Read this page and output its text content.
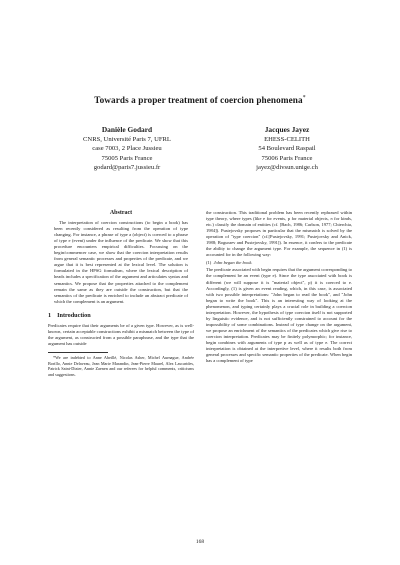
Towards a proper treatment of coercion phenomena*
Danièle Godard
CNRS, Université Paris 7, UFRL
case 7003, 2 Place Jussieu
75005 Paris France
godard@paris7.jussieu.fr
Jacques Jayez
EHESS-CELITH
54 Boulevard Raspail
75006 Paris France
jayez@divsun.unige.ch
Abstract

The interpretation of coercion constructions (to begin a book) has been recently considered as resulting from the operation of type changing. For instance, a phrase of type a (object) is coerced to a phrase of type e (event) under the influence of the predicate. We show that this procedure encounters empirical difficulties. Focussing on the begin/commencer case, we show that the coercion interpretation results from general semantic processes and properties of the predicate, and we argue that it is best represented at the lexical level. The solution is formulated in the HPSG formalism, where the lexical description of heads includes a specification of the argument and articulates syntax and semantics. We propose that the properties attached to the complement remain the same as they are outside the construction, but that the semantics of the predicate is enriched to include an abstract predicate of which the complement is an argument.

1 Introduction

Predicates require that their arguments be of a given type. However, as is well-known, certain acceptable constructions exhibit a mismatch between the type of the argument, as constructed from a possible paraphrase, and the type that the argument has outside

*We are indebted to Anne Abeillé, Nicolas Asher, Michel Aurnague, Andrée Borillo, Annie Delaveau, Jean Marie Marandin, Jean-Pierre Maurel, Alex Lascarides, Patrick Saint-Dizier, Annie Zaenen and our referees for helpful comments, criticisms and suggestions.

the construction. This traditional problem has been recently rephrased within type theory, where types (like e for events, p for material objects, π for kinds, etc.) classify the domain of entities (cf. [Bach, 1986; Carlson, 1977; Chierchia, 1984]). Pustejovsky proposes in particular that the mismatch is solved by the operation of "type coercion" (cf.[Pustejovsky, 1991; Pustejovsky and Anick, 1988; Boguraev and Pustejovsky, 1991]). In essence, it confers to the predicate the ability to change the argument type. For example, the sequence in (1) is accounted for in the following way:

(1) John began the book.

The predicate associated with begin requires that the argument corresponding to the complement be an event (type e). Since the type associated with book is different (we will suppose it is "material object", p) it is coerced to e. Accordingly, (1) is given an event reading, which, in this case, is associated with two possible interpretations: "John began to read the book", and "John began to write the book". This is an interesting way of looking at the phenomenon, and typing certainly plays a crucial role in building a coercion interpretation. However, the hypothesis of type coercion itself is not supported by linguistic evidence, and is not sufficiently constrained to account for the impossibility of some combinations. Instead of type change on the argument, we propose an enrichment of the semantics of the predicates which give rise to coercion interpretation. Predicates may be finitely polymorphic; for instance, begin combines with arguments of type p as well as of type e. The correct interpretation is obtained at the interpretive level, where it results both from general processes and specific semantic properties of the predicate. When begin has a complement of type

168
